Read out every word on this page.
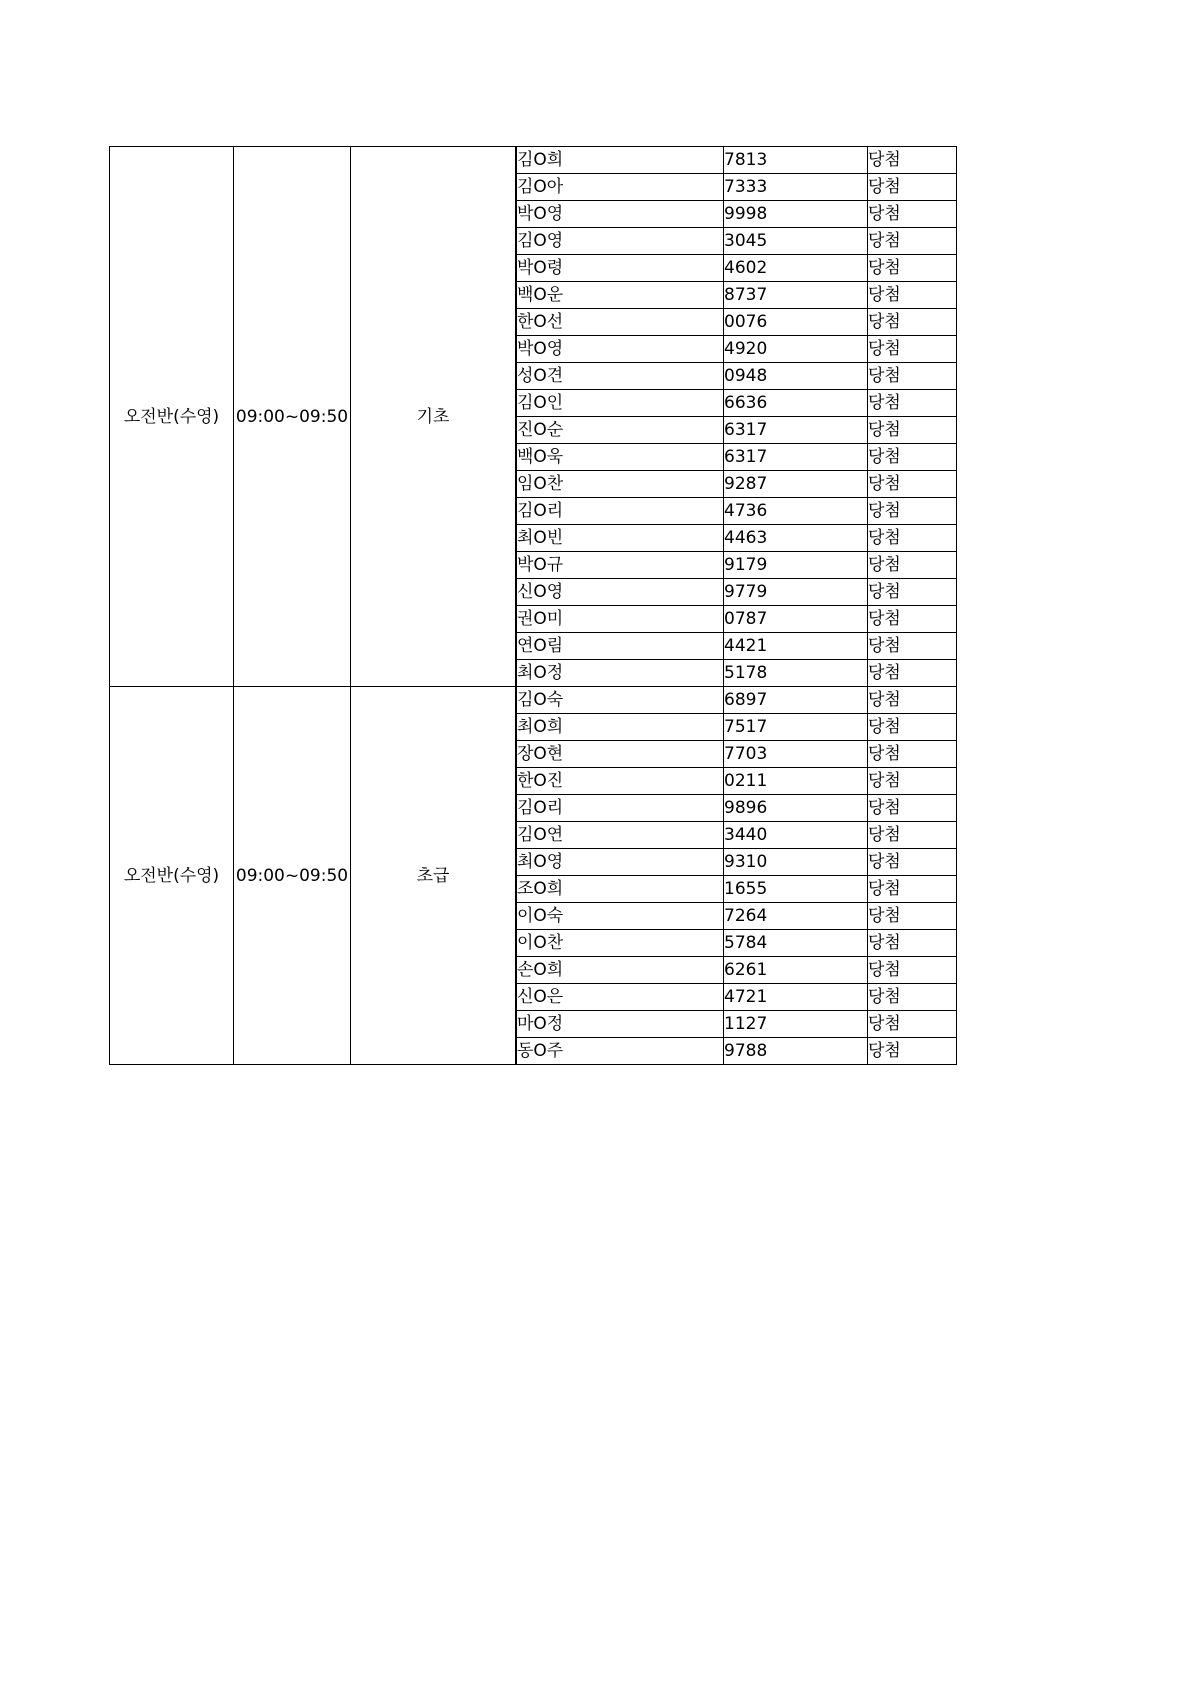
오전반(수영)	09:00~09:50	기초		김O희	7813	당첨
			김O아	7333	당첨
			박O영	9998	당첨
			김O영	3045	당첨
			박O령	4602	당첨
			백O운	8737	당첨
			한O선	0076	당첨
			박O영	4920	당첨
			성O견	0948	당첨
			김O인	6636	당첨
			진O순	6317	당첨
			백O욱	6317	당첨
			임O찬	9287	당첨
			김O리	4736	당첨
			최O빈	4463	당첨
			박O규	9179	당첨
			신O영	9779	당첨
			권O미	0787	당첨
			연O림	4421	당첨
			최O정	5178	당첨
오전반(수영)	09:00~09:50	초급		김O숙	6897	당첨
			최O희	7517	당첨
			장O현	7703	당첨
			한O진	0211	당첨
			김O리	9896	당첨
			김O연	3440	당첨
			최O영	9310	당첨
			조O희	1655	당첨
			이O숙	7264	당첨
			이O찬	5784	당첨
			손O희	6261	당첨
			신O은	4721	당첨
			마O정	1127	당첨
			동O주	9788	당첨
